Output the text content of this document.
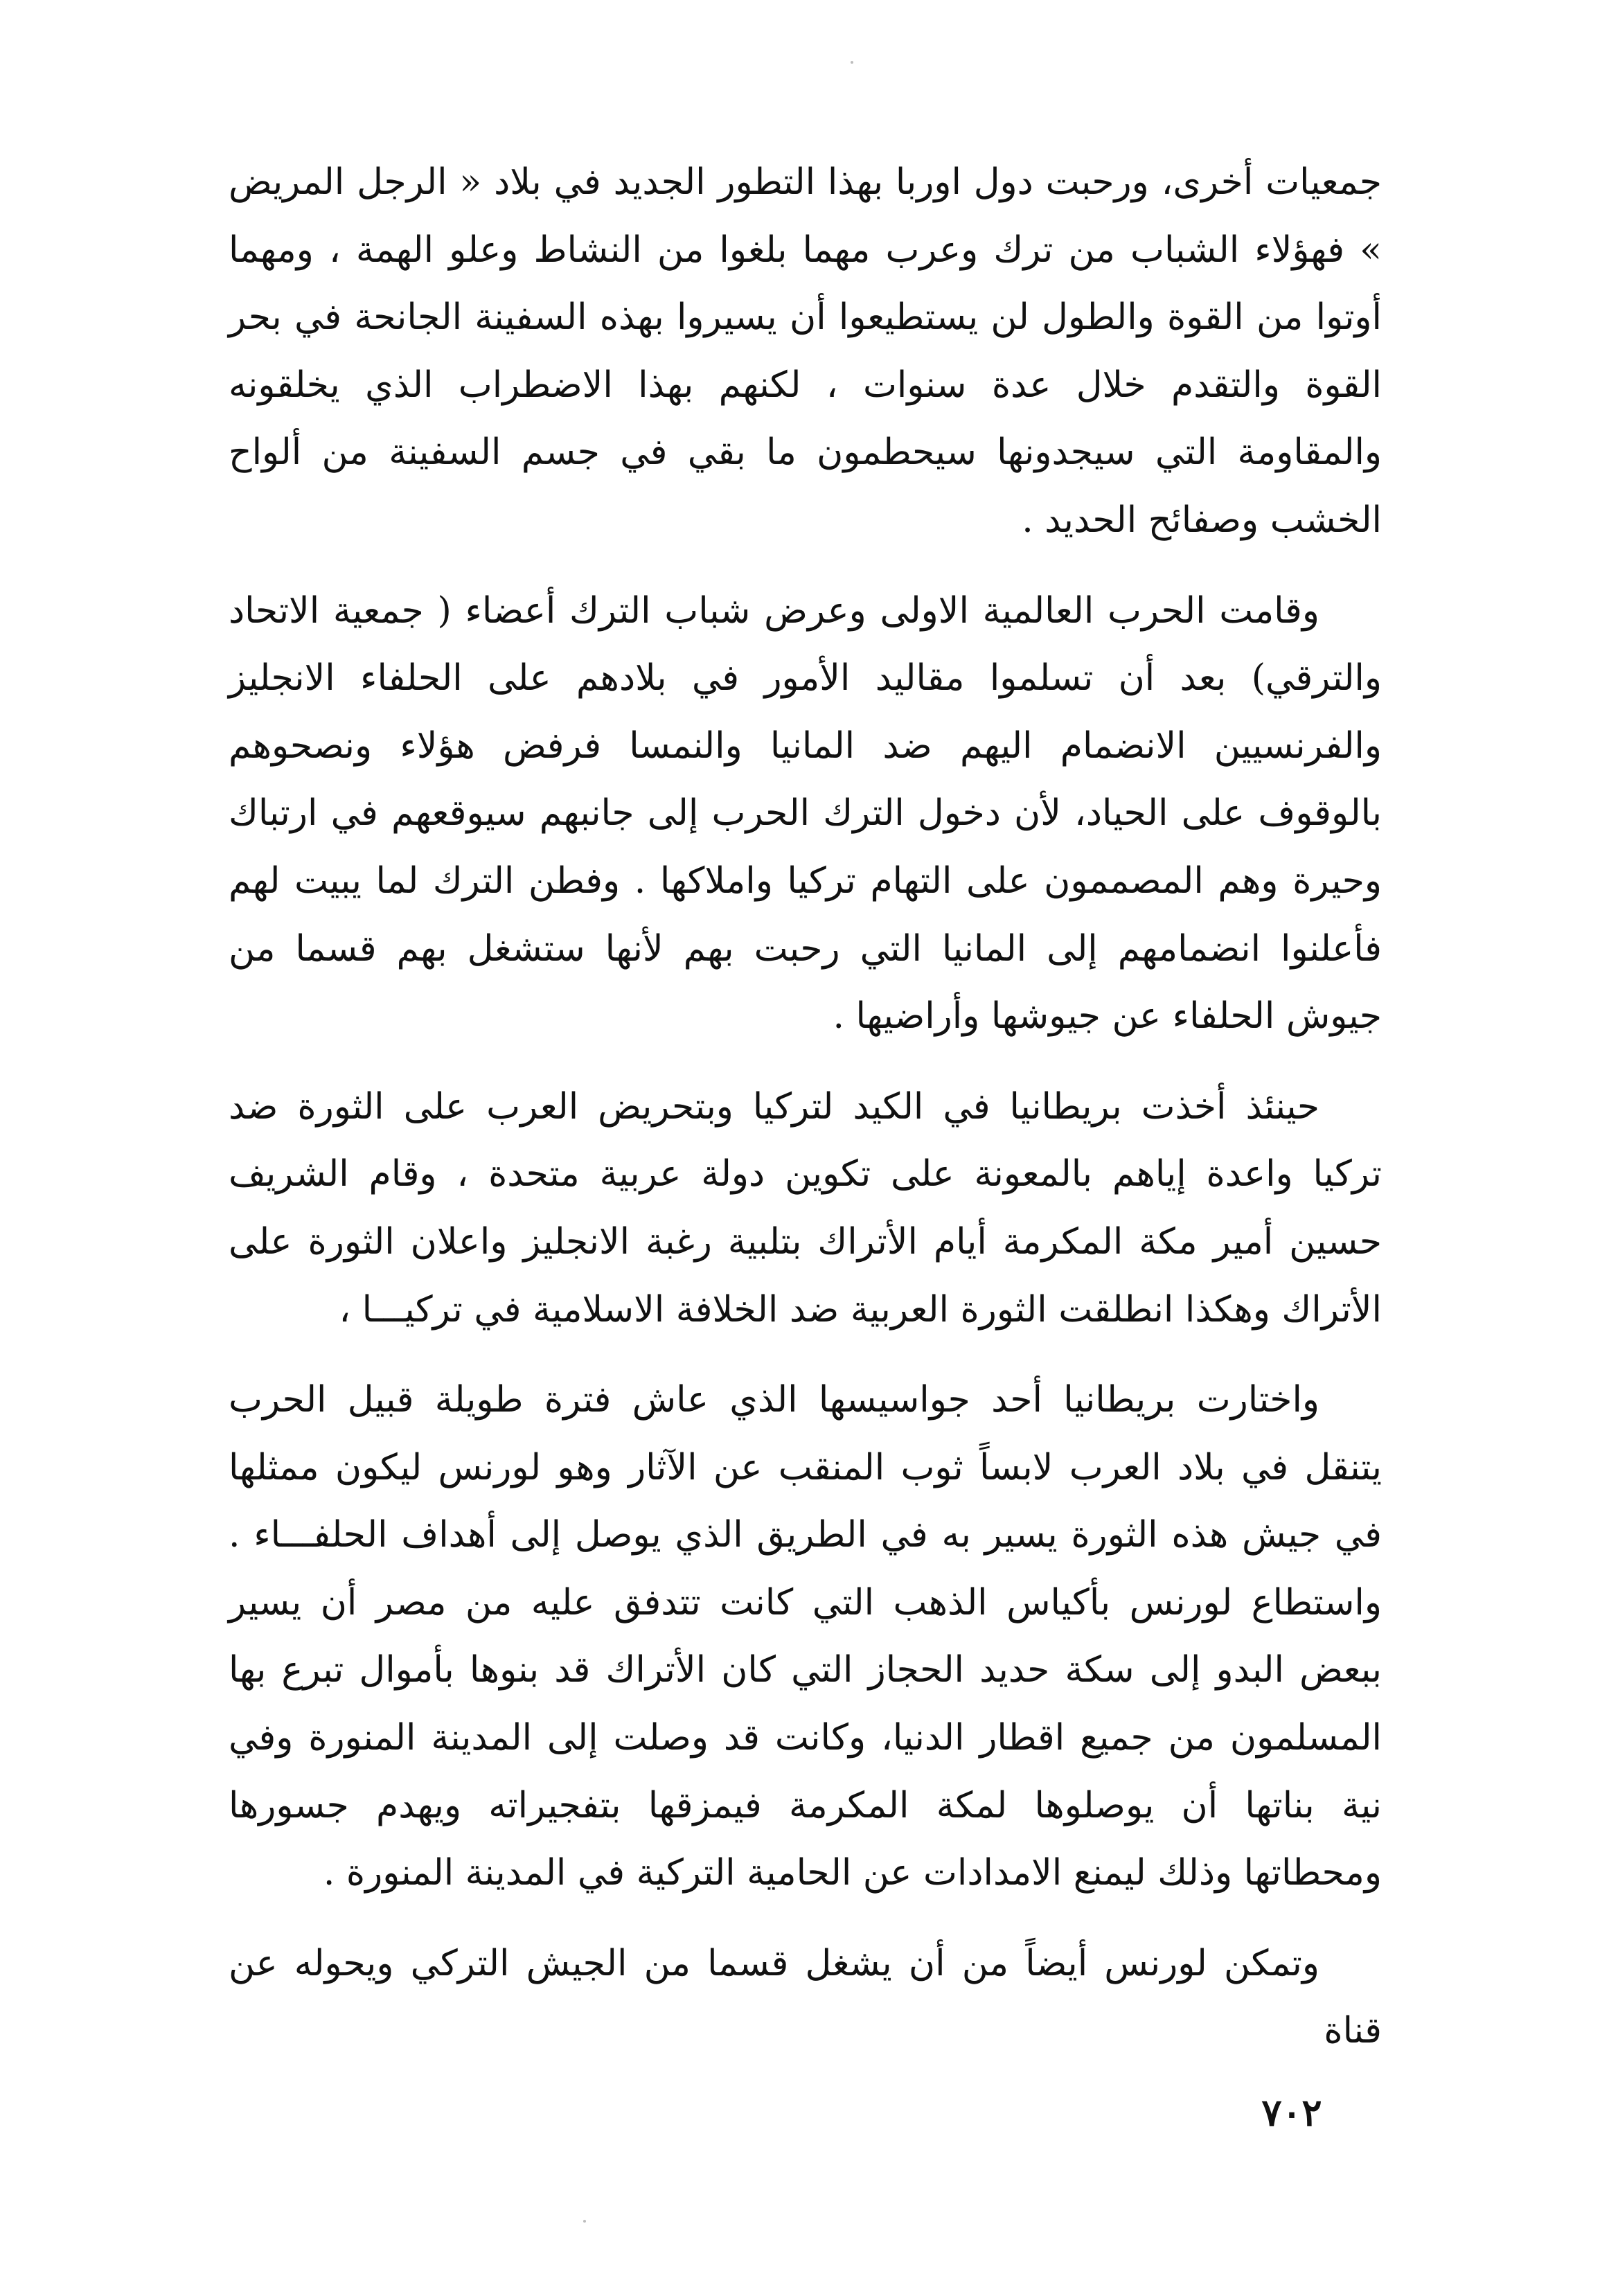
جمعيات أخرى، ورحبت دول اوربا بهذا التطور الجديد في بلاد « الرجل المريض » فهؤلاء الشباب من ترك وعرب مهما بلغوا من النشاط وعلو الهمة ، ومهما أوتوا من القوة والطول لن يستطيعوا أن يسيروا بهذه السفينة الجانحة في بحر القوة والتقدم خلال عدة سنوات ، لكنهم بهذا الاضطراب الذي يخلقونه والمقاومة التي سيجدونها سيحطمون ما بقي في جسم السفينة من ألواح الخشب وصفائح الحديد .

وقامت الحرب العالمية الاولى وعرض شباب الترك أعضاء ( جمعية الاتحاد والترقي) بعد أن تسلموا مقاليد الأمور في بلادهم على الحلفاء الانجليز والفرنسيين الانضمام اليهم ضد المانيا والنمسا فرفض هؤلاء ونصحوهم بالوقوف على الحياد، لأن دخول الترك الحرب إلى جانبهم سيوقعهم في ارتباك وحيرة وهم المصممون على التهام تركيا واملاكها . وفطن الترك لما يبيت لهم فأعلنوا انضمامهم إلى المانيا التي رحبت بهم لأنها ستشغل بهم قسما من جيوش الحلفاء عن جيوشها وأراضيها .

حينئذ أخذت بريطانيا في الكيد لتركيا وبتحريض العرب على الثورة ضد تركيا واعدة إياهم بالمعونة على تكوين دولة عربية متحدة ، وقام الشريف حسين أمير مكة المكرمة أيام الأتراك بتلبية رغبة الانجليز واعلان الثورة على الأتراك وهكذا انطلقت الثورة العربية ضد الخلافة الاسلامية في تركيـــا ،

واختارت بريطانيا أحد جواسيسها الذي عاش فترة طويلة قبيل الحرب يتنقل في بلاد العرب لابساً ثوب المنقب عن الآثار وهو لورنس ليكون ممثلها في جيش هذه الثورة يسير به في الطريق الذي يوصل إلى أهداف الحلفـــاء . واستطاع لورنس بأكياس الذهب التي كانت تتدفق عليه من مصر أن يسير ببعض البدو إلى سكة حديد الحجاز التي كان الأتراك قد بنوها بأموال تبرع بها المسلمون من جميع اقطار الدنيا، وكانت قد وصلت إلى المدينة المنورة وفي نية بناتها أن يوصلوها لمكة المكرمة فيمزقها بتفجيراته ويهدم جسورها ومحطاتها وذلك ليمنع الامدادات عن الحامية التركية في المدينة المنورة .

وتمكن لورنس أيضاً من أن يشغل قسما من الجيش التركي ويحوله عن قناة

٧٠٢
